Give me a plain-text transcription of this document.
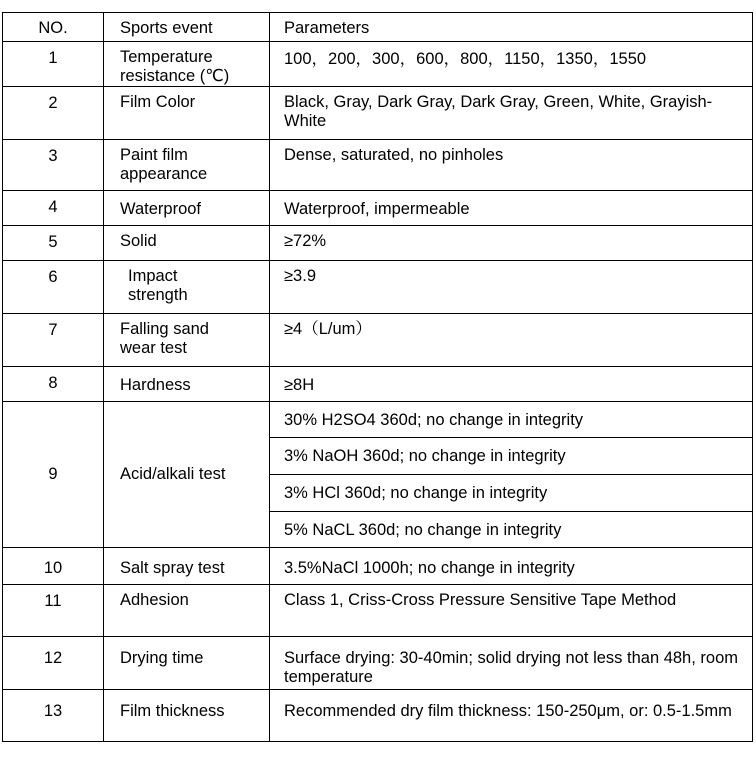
NO.	Sports event	Parameters
1	Temperature resistance (℃)	100，200，300，600，800，1150，1350，1550
2	Film Color	Black, Gray, Dark Gray, Dark Gray, Green, White, Grayish-White
3	Paint film appearance	Dense, saturated, no pinholes
4	Waterproof	Waterproof, impermeable
5	Solid	≥72%
6	Impact strength	≥3.9
7	Falling sand wear test	≥4（L/um）
8	Hardness	≥8H
9	Acid/alkali test	30% H2SO4 360d; no change in integrity
		3% NaOH 360d; no change in integrity
		3% HCl 360d; no change in integrity
		5% NaCL 360d; no change in integrity
10	Salt spray test	3.5%NaCl 1000h; no change in integrity
11	Adhesion	Class 1, Criss-Cross Pressure Sensitive Tape Method
12	Drying time	Surface drying: 30-40min; solid drying not less than 48h, room temperature
13	Film thickness	Recommended dry film thickness: 150-250μm, or: 0.5-1.5mm
